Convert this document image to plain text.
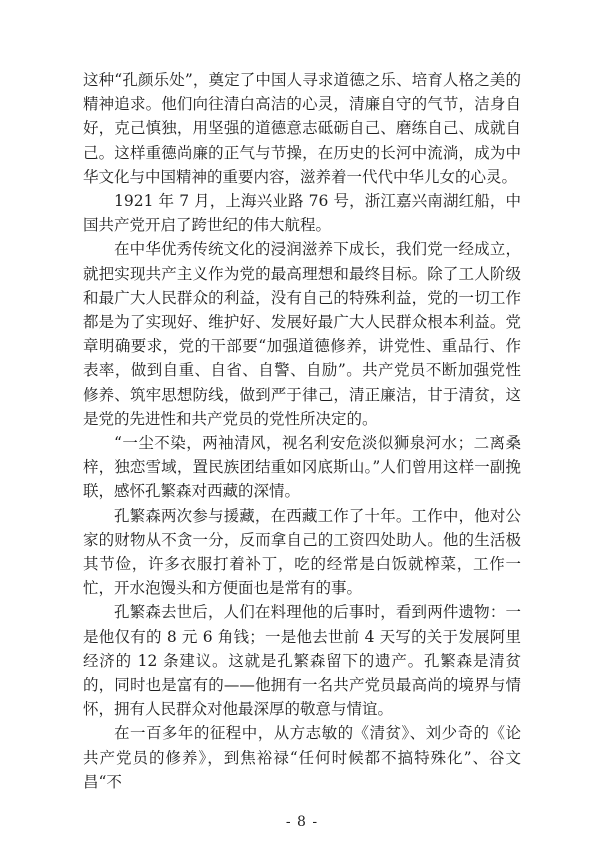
这种“孔颜乐处”，奠定了中国人寻求道德之乐、培育人格之美的精神追求。他们向往清白高洁的心灵，清廉自守的气节，洁身自好，克己慎独，用坚强的道德意志砥砺自己、磨练自己、成就自己。这样重德尚廉的正气与节操，在历史的长河中流淌，成为中华文化与中国精神的重要内容，滋养着一代代中华儿女的心灵。

1921 年 7 月，上海兴业路 76 号，浙江嘉兴南湖红船，中国共产党开启了跨世纪的伟大航程。

在中华优秀传统文化的浸润滋养下成长，我们党一经成立，就把实现共产主义作为党的最高理想和最终目标。除了工人阶级和最广大人民群众的利益，没有自己的特殊利益，党的一切工作都是为了实现好、维护好、发展好最广大人民群众根本利益。党章明确要求，党的干部要“加强道德修养，讲党性、重品行、作表率，做到自重、自省、自警、自励”。共产党员不断加强党性修养、筑牢思想防线，做到严于律己，清正廉洁，甘于清贫，这是党的先进性和共产党员的党性所决定的。

“一尘不染，两袖清风，视名利安危淡似狮泉河水；二离桑梓，独恋雪域，置民族团结重如冈底斯山。”人们曾用这样一副挽联，感怀孔繁森对西藏的深情。

孔繁森两次参与援藏，在西藏工作了十年。工作中，他对公家的财物从不贪一分，反而拿自己的工资四处助人。他的生活极其节俭，许多衣服打着补丁，吃的经常是白饭就榨菜，工作一忙，开水泡馒头和方便面也是常有的事。

孔繁森去世后，人们在料理他的后事时，看到两件遗物：一是他仅有的 8 元 6 角钱；一是他去世前 4 天写的关于发展阿里经济的 12 条建议。这就是孔繁森留下的遗产。孔繁森是清贫的，同时也是富有的——他拥有一名共产党员最高尚的境界与情怀，拥有人民群众对他最深厚的敬意与情谊。

在一百多年的征程中，从方志敏的《清贫》、刘少奇的《论共产党员的修养》，到焦裕禄“任何时候都不搞特殊化”、谷文昌“不

- 8 -
